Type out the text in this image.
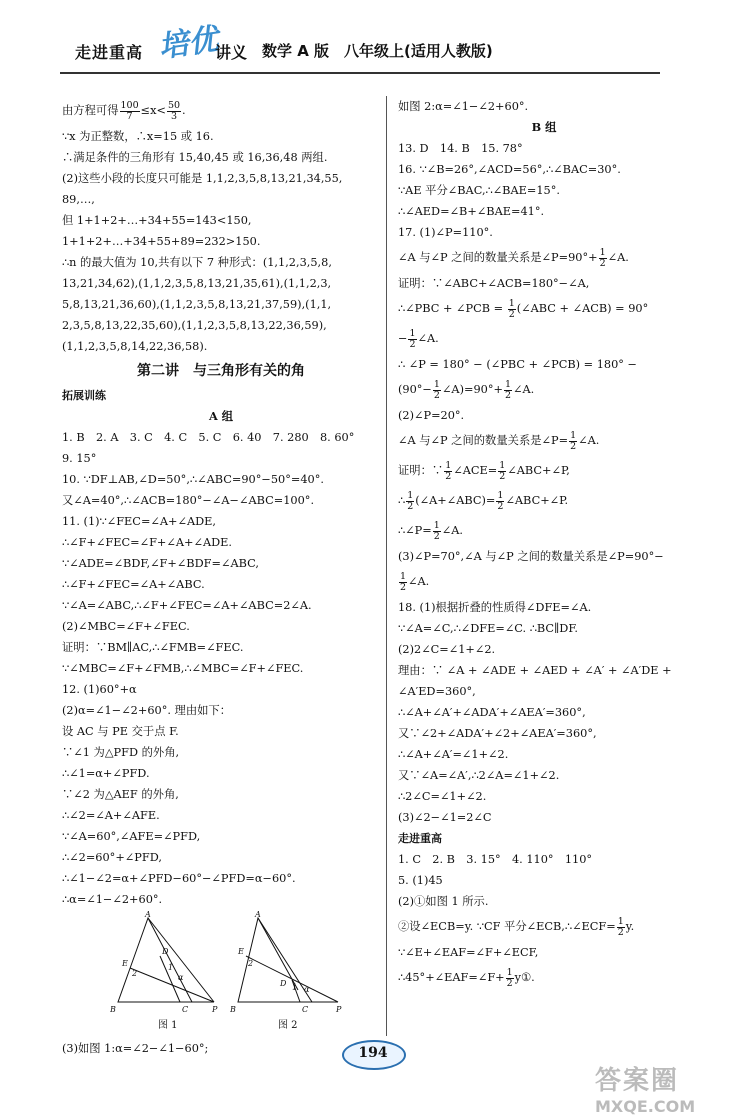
走进重高 培优
讲义 数学 A 版　八年级上(适用人教版)

由方程可得 $\frac{100}{7} \le x< \frac{50}{3}$ .

∵x 为正整数，∴x=15 或 16.

∴满足条件的三角形有 15,40,45 或 16,36,48 两组.

(2)这些小段的长度只可能是 1,1,2,3,5,8,13,21,34,55,

89,…,

但 1+1+2+…+34+55=143<150,

1+1+2+…+34+55+89=232>150.

∴n 的最大值为 10,共有以下 7 种形式：(1,1,2,3,5,8,

13,21,34,62),(1,1,2,3,5,8,13,21,35,61),(1,1,2,3,

5,8,13,21,36,60),(1,1,2,3,5,8,13,21,37,59),(1,1,

2,3,5,8,13,22,35,60),(1,1,2,3,5,8,13,22,36,59),

(1,1,2,3,5,8,14,22,36,58).

第二讲　与三角形有关的角

拓展训练

A 组

1. B　2. A　3. C　4. C　5. C　6. 40　7. 280　8. 60°

9. 15°

10. ∵DF⊥AB,∠D=50°,∴∠ABC=90°−50°=40°.

又∠A=40°,∴∠ACB=180°−∠A−∠ABC=100°.

11. (1)∵∠FEC=∠A+∠ADE,

∴∠F+∠FEC=∠F+∠A+∠ADE.

∵∠ADE=∠BDF,∠F+∠BDF=∠ABC,

∴∠F+∠FEC=∠A+∠ABC.

∵∠A=∠ABC,∴∠F+∠FEC=∠A+∠ABC=2∠A.

(2)∠MBC=∠F+∠FEC.

证明：∵BM∥AC,∴∠FMB=∠FEC.

∵∠MBC=∠F+∠FMB,∴∠MBC=∠F+∠FEC.

12. (1)60°+α

(2)α=∠1−∠2+60°. 理由如下：

设 AC 与 PE 交于点 F.

∵∠1 为△PFD 的外角,

∴∠1=α+∠PFD.

∵∠2 为△AEF 的外角,

∴∠2=∠A+∠AFE.

∵∠A=60°,∠AFE=∠PFD,

∴∠2=60°+∠PFD,

∴∠1−∠2=α+∠PFD−60°−∠PFD=α−60°.

∴α=∠1−∠2+60°.

A
E
D
B	C	P
2
1
α
图 1
A
E
D
B	C	P
2
1 α
图 2

(3)如图 1:α=∠2−∠1−60°;

如图 2:α=∠1−∠2+60°.

B 组

13. D　14. B　15. 78°

16. ∵∠B=26°,∠ACD=56°,∴∠BAC=30°.

∵AE 平分∠BAC,∴∠BAE=15°.

∴∠AED=∠B+∠BAE=41°.

17. (1)∠P=110°.

∠A 与∠P 之间的数量关系是∠P=90°+ $\frac{1}{2}$ ∠A.

证明：∵∠ABC+∠ACB=180°−∠A,

∴∠PBC + ∠PCB = $\frac{1}{2}$ (∠ABC + ∠ACB) = 90°

− $\frac{1}{2}$ ∠A.

∴ ∠P = 180° − (∠PBC + ∠PCB) = 180° −

($90^\circ- \frac{1}{2}$ ∠A)=90°+ $\frac{1}{2}$ ∠A.

(2)∠P=20°.

∠A 与∠P 之间的数量关系是∠P= $\frac{1}{2}$ ∠A.

证明：∵ $\frac{1}{2}$ ∠ACE= $\frac{1}{2}$ ∠ABC+∠P,

∴ $\frac{1}{2}$ (∠A+∠ABC)= $\frac{1}{2}$ ∠ABC+∠P.

∴∠P= $\frac{1}{2}$ ∠A.

(3)∠P=70°,∠A 与∠P 之间的数量关系是∠P=90°−

$\frac{1}{2}$ ∠A.

18. (1)根据折叠的性质得∠DFE=∠A.

∵∠A=∠C,∴∠DFE=∠C. ∴BC∥DF.

(2)2∠C=∠1+∠2.

理由：∵ ∠A + ∠ADE + ∠AED + ∠A′ + ∠A′DE +

∠A′ED=360°,

∴∠A+∠A′+∠ADA′+∠AEA′=360°,

又∵∠2+∠ADA′+∠2+∠AEA′=360°,

∴∠A+∠A′=∠1+∠2.

又∵∠A=∠A′,∴2∠A=∠1+∠2.

∴2∠C=∠1+∠2.

(3)∠2−∠1=2∠C

走进重高

1. C　2. B　3. 15°　4. 110°　110°

5. (1)45

(2)①如图 1 所示.

②设∠ECB=y. ∵CF 平分∠ECB,∴∠ECF= $\frac{1}{2} y$.

∵∠E+∠EAF=∠F+∠ECF,

∴45°+∠EAF=∠F+ $\frac{1}{2}$ y①.

194
答案圈
MXQE.COM
